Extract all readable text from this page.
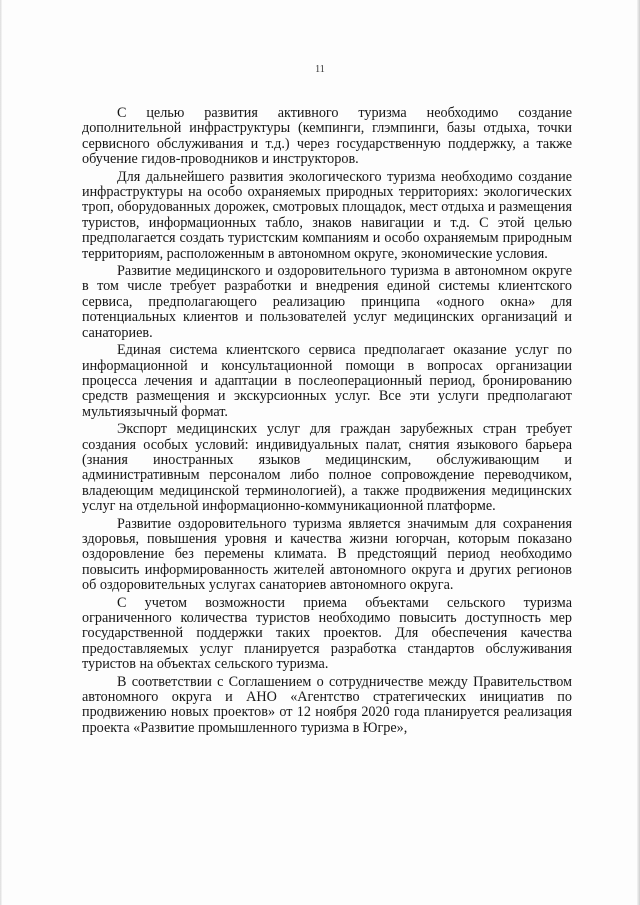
11

С целью развития активного туризма необходимо создание дополнительной инфраструктуры (кемпинги, глэмпинги, базы отдыха, точки сервисного обслуживания и т.д.) через государственную поддержку, а также обучение гидов-проводников и инструкторов.

Для дальнейшего развития экологического туризма необходимо создание инфраструктуры на особо охраняемых природных территориях: экологических троп, оборудованных дорожек, смотровых площадок, мест отдыха и размещения туристов, информационных табло, знаков навигации и т.д. С этой целью предполагается создать туристским компаниям и особо охраняемым природным территориям, расположенным в автономном округе, экономические условия.

Развитие медицинского и оздоровительного туризма в автономном округе в том числе требует разработки и внедрения единой системы клиентского сервиса, предполагающего реализацию принципа «одного окна» для потенциальных клиентов и пользователей услуг медицинских организаций и санаториев.

Единая система клиентского сервиса предполагает оказание услуг по информационной и консультационной помощи в вопросах организации процесса лечения и адаптации в послеоперационный период, бронированию средств размещения и экскурсионных услуг. Все эти услуги предполагают мультиязычный формат.

Экспорт медицинских услуг для граждан зарубежных стран требует создания особых условий: индивидуальных палат, снятия языкового барьера (знания иностранных языков медицинским, обслуживающим и административным персоналом либо полное сопровождение переводчиком, владеющим медицинской терминологией), а также продвижения медицинских услуг на отдельной информационно-коммуникационной платформе.

Развитие оздоровительного туризма является значимым для сохранения здоровья, повышения уровня и качества жизни югорчан, которым показано оздоровление без перемены климата. В предстоящий период необходимо повысить информированность жителей автономного округа и других регионов об оздоровительных услугах санаториев автономного округа.

С учетом возможности приема объектами сельского туризма ограниченного количества туристов необходимо повысить доступность мер государственной поддержки таких проектов. Для обеспечения качества предоставляемых услуг планируется разработка стандартов обслуживания туристов на объектах сельского туризма.

В соответствии с Соглашением о сотрудничестве между Правительством автономного округа и АНО «Агентство стратегических инициатив по продвижению новых проектов» от 12 ноября 2020 года планируется реализация проекта «Развитие промышленного туризма в Югре»,
